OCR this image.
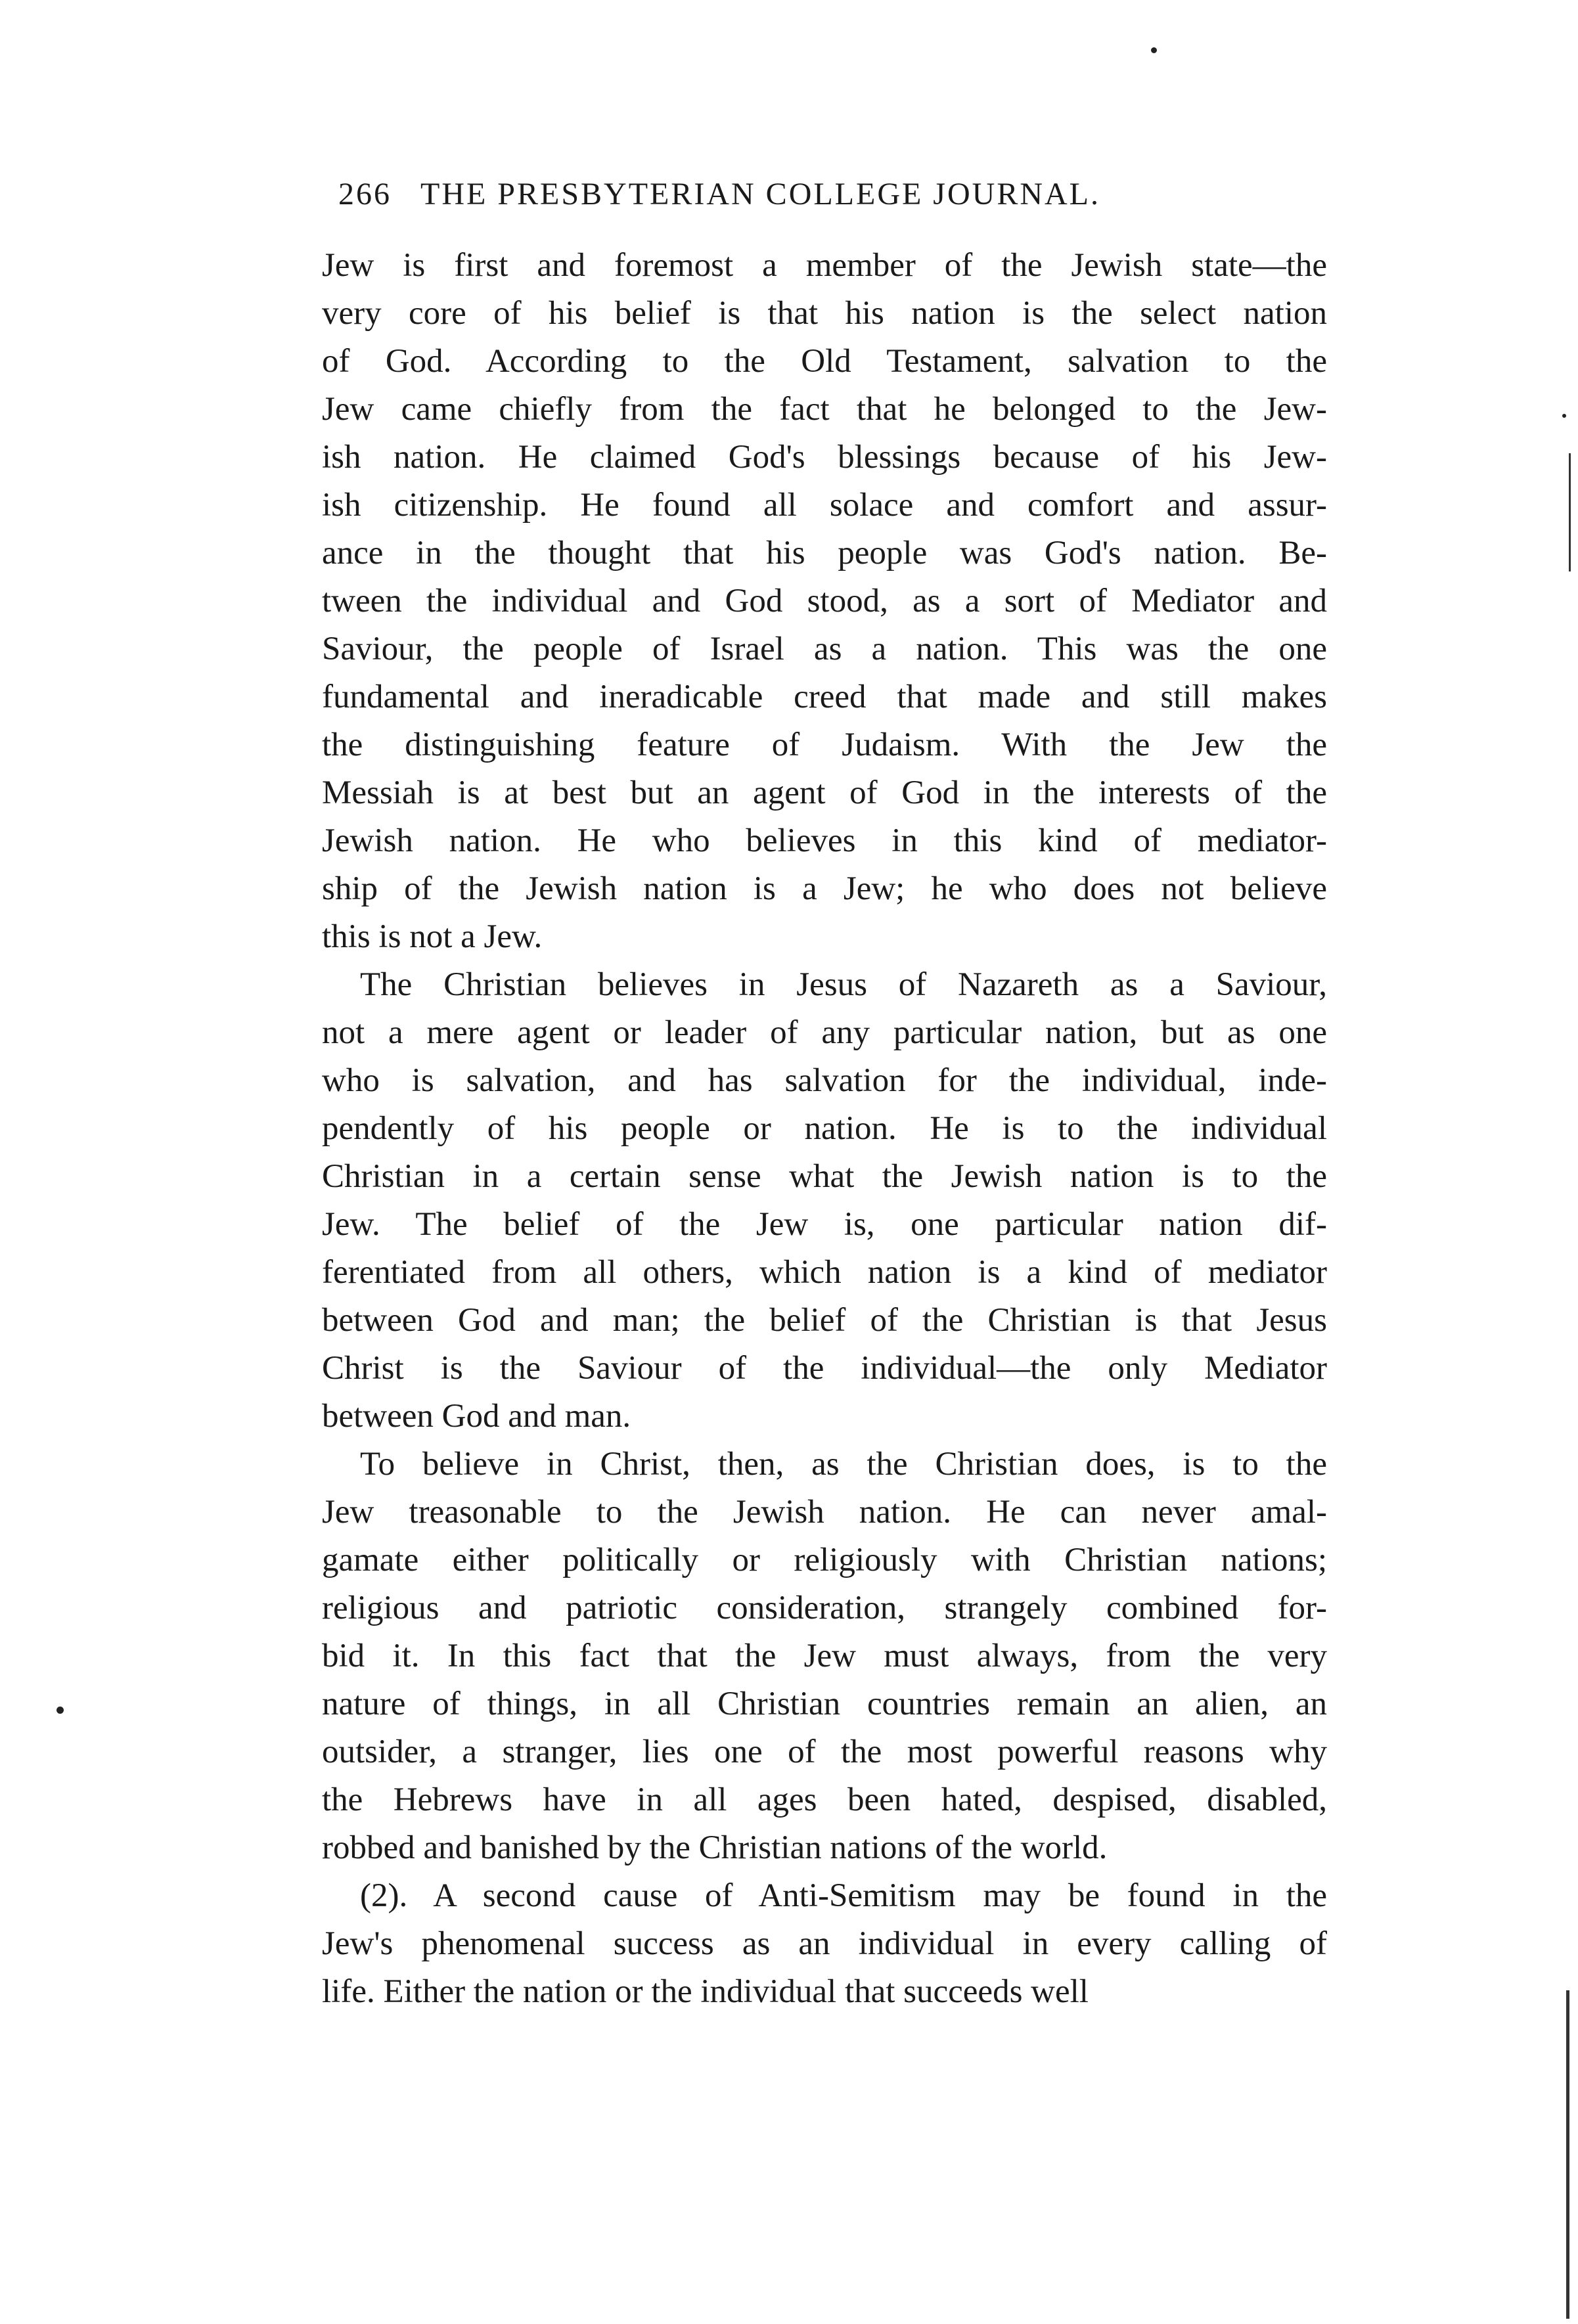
266 THE PRESBYTERIAN COLLEGE JOURNAL.
Jew is first and foremost a member of the Jewish state—the
very core of his belief is that his nation is the select nation
of God. According to the Old Testament, salvation to the
Jew came chiefly from the fact that he belonged to the Jew-
ish nation. He claimed God's blessings because of his Jew-
ish citizenship. He found all solace and comfort and assur-
ance in the thought that his people was God's nation. Be-
tween the individual and God stood, as a sort of Mediator and
Saviour, the people of Israel as a nation. This was the one
fundamental and ineradicable creed that made and still makes
the distinguishing feature of Judaism. With the Jew the
Messiah is at best but an agent of God in the interests of the
Jewish nation. He who believes in this kind of mediator-
ship of the Jewish nation is a Jew; he who does not believe
this is not a Jew.
The Christian believes in Jesus of Nazareth as a Saviour,
not a mere agent or leader of any particular nation, but as one
who is salvation, and has salvation for the individual, inde-
pendently of his people or nation. He is to the individual
Christian in a certain sense what the Jewish nation is to the
Jew. The belief of the Jew is, one particular nation dif-
ferentiated from all others, which nation is a kind of mediator
between God and man; the belief of the Christian is that Jesus
Christ is the Saviour of the individual—the only Mediator
between God and man.
To believe in Christ, then, as the Christian does, is to the
Jew treasonable to the Jewish nation. He can never amal-
gamate either politically or religiously with Christian nations;
religious and patriotic consideration, strangely combined for-
bid it. In this fact that the Jew must always, from the very
nature of things, in all Christian countries remain an alien, an
outsider, a stranger, lies one of the most powerful reasons why
the Hebrews have in all ages been hated, despised, disabled,
robbed and banished by the Christian nations of the world.
(2). A second cause of Anti-Semitism may be found in the
Jew's phenomenal success as an individual in every calling of
life. Either the nation or the individual that succeeds well
